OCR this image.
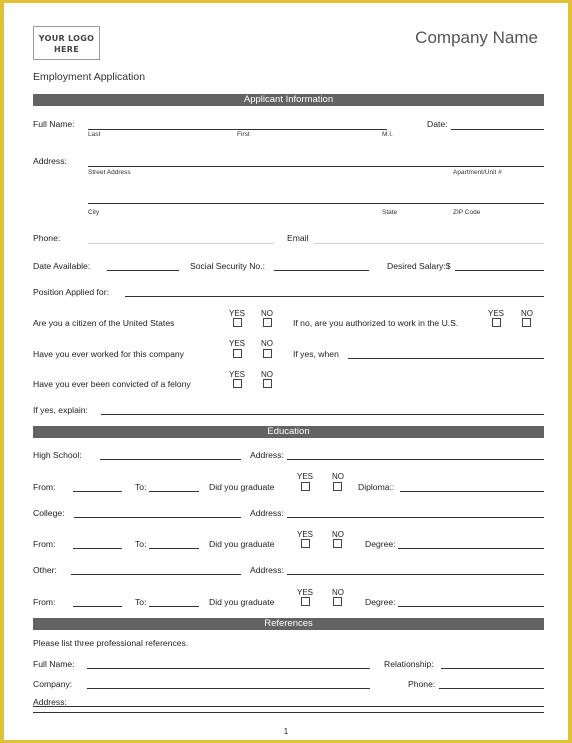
YOUR LOGO
HERE
Company Name
Employment Application
Applicant Information
Full Name:
Last	First	M.I.
Date:
Address:
Street Address	Apartment/Unit #
City	State	ZIP Code
Phone:	Email
Date Available:	Social Security No.:	Desired Salary:$
Position Applied for:
Are you a citizen of the United States
YES NO
If no, are you authorized to work in the U.S.
YES NO
Have you ever worked for this company
YES NO
If yes, when
Have you ever been convicted of a felony
YES NO
If yes, explain:
Education
High School:	Address:
From:	To:	Did you graduate
YES NO
Diploma::
College:	Address:
From:	To:	Did you graduate
YES NO
Degree:
Other:	Address:
From:	To:	Did you graduate
YES NO
Degree:
References
Please list three professional references.
Full Name:	Relationship:
Company:	Phone:
Address:
1
